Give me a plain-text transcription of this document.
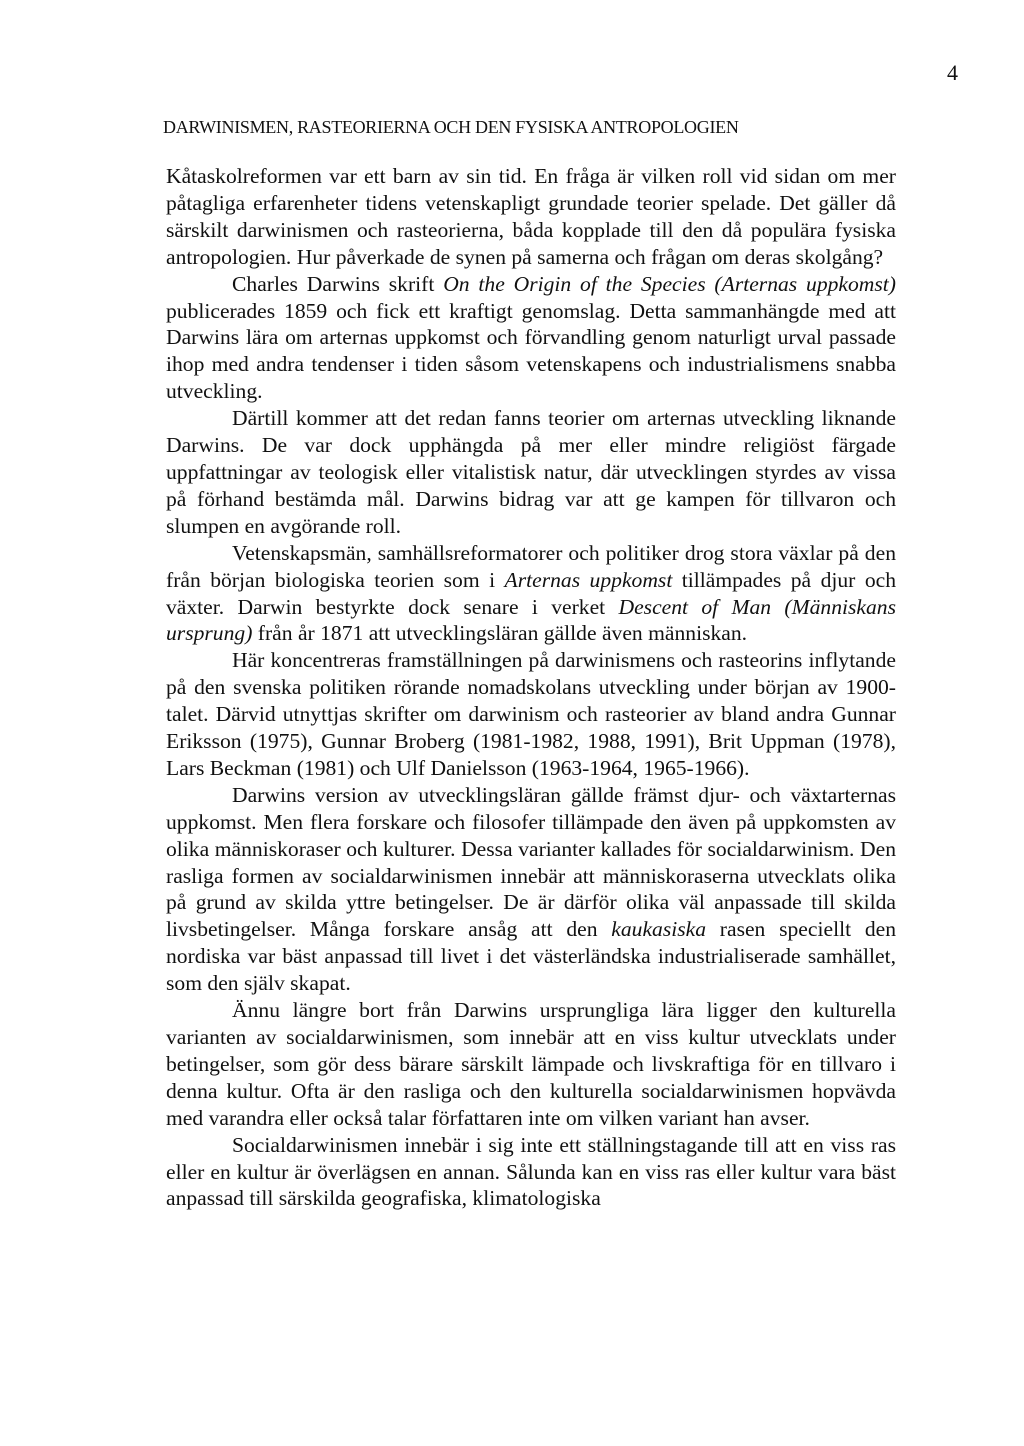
4
DARWINISMEN, RASTEORIERNA OCH DEN FYSISKA ANTROPOLOGIEN

Kåtaskolreformen var ett barn av sin tid. En fråga är vilken roll vid sidan om mer påtagliga erfarenheter tidens vetenskapligt grundade teorier spelade. Det gäller då särskilt darwinismen och rasteorierna, båda kopplade till den då populära fysiska antropologien. Hur påverkade de synen på samerna och frågan om deras skolgång?

Charles Darwins skrift On the Origin of the Species (Arternas uppkomst) publicerades 1859 och fick ett kraftigt genomslag. Detta sammanhängde med att Darwins lära om arternas uppkomst och förvandling genom naturligt urval passade ihop med andra tendenser i tiden såsom vetenskapens och industrialismens snabba utveckling.

Därtill kommer att det redan fanns teorier om arternas utveckling liknande Darwins. De var dock upphängda på mer eller mindre religiöst färgade uppfattningar av teologisk eller vitalistisk natur, där utvecklingen styrdes av vissa på förhand bestämda mål. Darwins bidrag var att ge kampen för tillvaron och slumpen en avgörande roll.

Vetenskapsmän, samhällsreformatorer och politiker drog stora växlar på den från början biologiska teorien som i Arternas uppkomst tillämpades på djur och växter. Darwin bestyrkte dock senare i verket Descent of Man (Människans ursprung) från år 1871 att utvecklingsläran gällde även människan.

Här koncentreras framställningen på darwinismens och rasteorins inflytande på den svenska politiken rörande nomadskolans utveckling under början av 1900-talet. Därvid utnyttjas skrifter om darwinism och rasteorier av bland andra Gunnar Eriksson (1975), Gunnar Broberg (1981-1982, 1988, 1991), Brit Uppman (1978), Lars Beckman (1981) och Ulf Danielsson (1963-1964, 1965-1966).

Darwins version av utvecklingsläran gällde främst djur- och växtarternas uppkomst. Men flera forskare och filosofer tillämpade den även på uppkomsten av olika människoraser och kulturer. Dessa varianter kallades för socialdarwinism. Den rasliga formen av socialdarwinismen innebär att människoraserna utvecklats olika på grund av skilda yttre betingelser. De är därför olika väl anpassade till skilda livsbetingelser. Många forskare ansåg att den kaukasiska rasen speciellt den nordiska var bäst anpassad till livet i det västerländska industrialiserade samhället, som den själv skapat.

Ännu längre bort från Darwins ursprungliga lära ligger den kulturella varianten av socialdarwinismen, som innebär att en viss kultur utvecklats under betingelser, som gör dess bärare särskilt lämpade och livskraftiga för en tillvaro i denna kultur. Ofta är den rasliga och den kulturella socialdarwinismen hopvävda med varandra eller också talar författaren inte om vilken variant han avser.

Socialdarwinismen innebär i sig inte ett ställningstagande till att en viss ras eller en kultur är överlägsen en annan. Sålunda kan en viss ras eller kultur vara bäst anpassad till särskilda geografiska, klimatologiska
